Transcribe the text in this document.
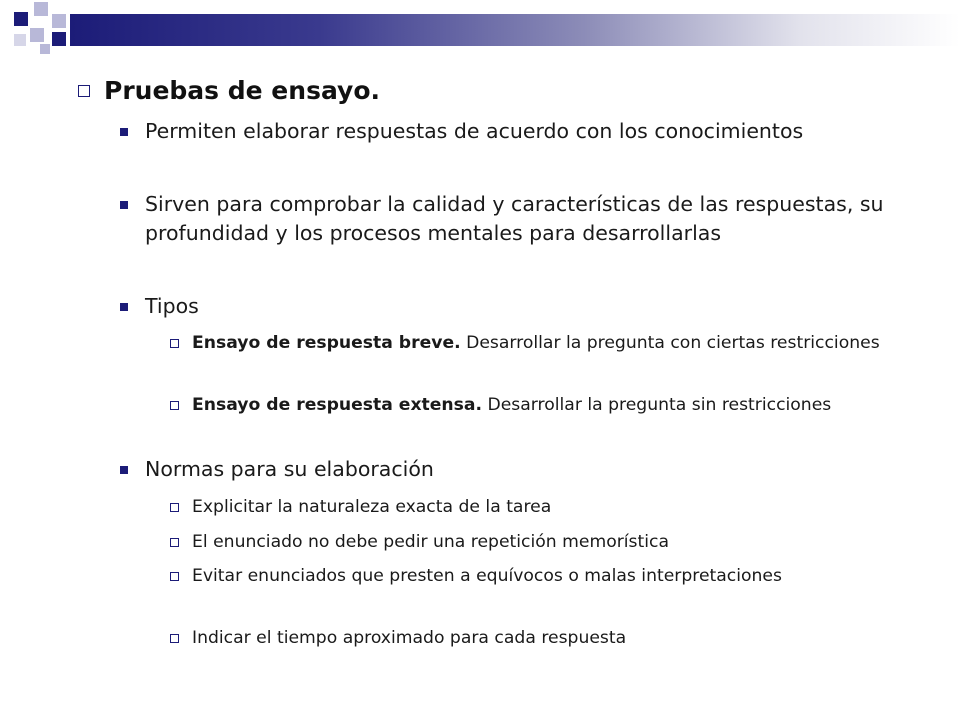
Pruebas de ensayo.
Permiten elaborar respuestas de acuerdo con los conocimientos
Sirven para comprobar la calidad y características de las respuestas, su profundidad y los procesos mentales para desarrollarlas
Tipos
Ensayo de respuesta breve. Desarrollar la pregunta con ciertas restricciones
Ensayo de respuesta extensa. Desarrollar la pregunta sin restricciones
Normas para su elaboración
Explicitar la naturaleza exacta de la tarea
El enunciado no debe pedir una repetición memorística
Evitar enunciados que presten a equívocos o malas interpretaciones
Indicar el tiempo aproximado para cada respuesta
